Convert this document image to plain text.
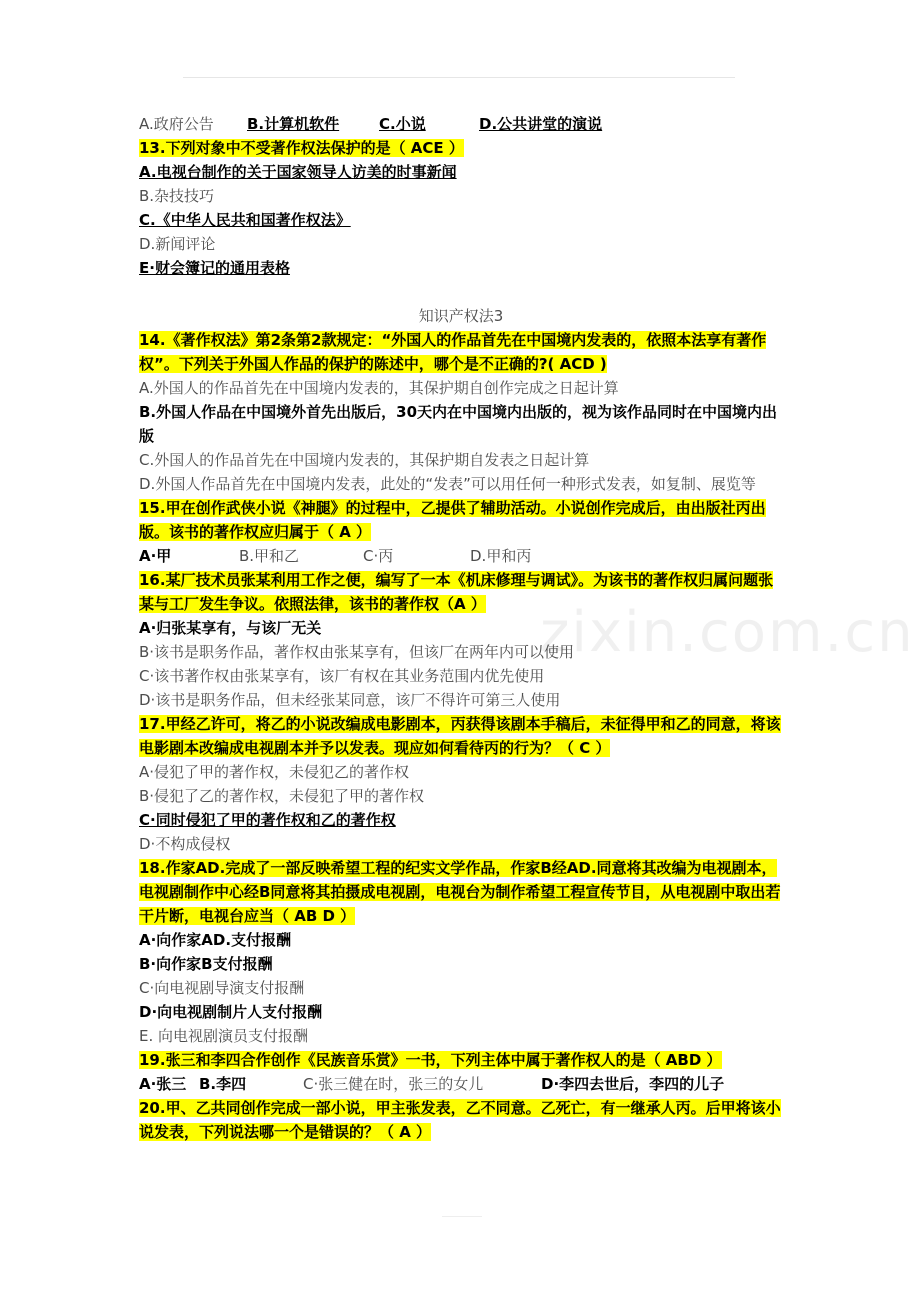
A.政府公告 B.计算机软件	C.小说	D.公共讲堂的演说
13.下列对象中不受著作权法保护的是（ ACE ）
A.电视台制作的关于国家领导人访美的时事新闻
B.杂技技巧
C.《中华人民共和国著作权法》
D.新闻评论
E·财会簿记的通用表格
知识产权法3
14.《著作权法》第2条第2款规定：“外国人的作品首先在中国境内发表的，依照本法享有著作权”。下列关于外国人作品的保护的陈述中，哪个是不正确的?( ACD )
A.外国人的作品首先在中国境内发表的，其保护期自创作完成之日起计算
B.外国人作品在中国境外首先出版后，30天内在中国境内出版的，视为该作品同时在中国境内出版
C.外国人的作品首先在中国境内发表的，其保护期自发表之日起计算
D.外国人作品首先在中国境内发表，此处的“发表”可以用任何一种形式发表，如复制、展览等
15.甲在创作武侠小说《神腿》的过程中，乙提供了辅助活动。小说创作完成后，由出版社丙出版。该书的著作权应归属于（ A ）
A·甲	B.甲和乙	C·丙	D.甲和丙
16.某厂技术员张某利用工作之便，编写了一本《机床修理与调试》。为该书的著作权归属问题张某与工厂发生争议。依照法律，该书的著作权（A ）
A·归张某享有，与该厂无关
B·该书是职务作品，著作权由张某享有，但该厂在两年内可以使用
C·该书著作权由张某享有，该厂有权在其业务范围内优先使用
D·该书是职务作品，但未经张某同意，该厂不得许可第三人使用
17.甲经乙许可，将乙的小说改编成电影剧本，丙获得该剧本手稿后，未征得甲和乙的同意，将该电影剧本改编成电视剧本并予以发表。现应如何看待丙的行为？（ C ）
A·侵犯了甲的著作权，未侵犯乙的著作权
B·侵犯了乙的著作权，未侵犯了甲的著作权
C·同时侵犯了甲的著作权和乙的著作权
D·不构成侵权
18.作家AD.完成了一部反映希望工程的纪实文学作品，作家B经AD.同意将其改编为电视剧本，电视剧制作中心经B同意将其拍摄成电视剧，电视台为制作希望工程宣传节目，从电视剧中取出若干片断，电视台应当（ AB D ）
A·向作家AD.支付报酬
B·向作家B支付报酬
C·向电视剧导演支付报酬
D·向电视剧制片人支付报酬
E. 向电视剧演员支付报酬
19.张三和李四合作创作《民族音乐赏》一书，下列主体中属于著作权人的是（ ABD ）
A·张三 B.李四	C·张三健在时，张三的女儿	D·李四去世后，李四的儿子
20.甲、乙共同创作完成一部小说，甲主张发表，乙不同意。乙死亡，有一继承人丙。后甲将该小说发表，下列说法哪一个是错误的？（ A ）
zixin.com.cn
